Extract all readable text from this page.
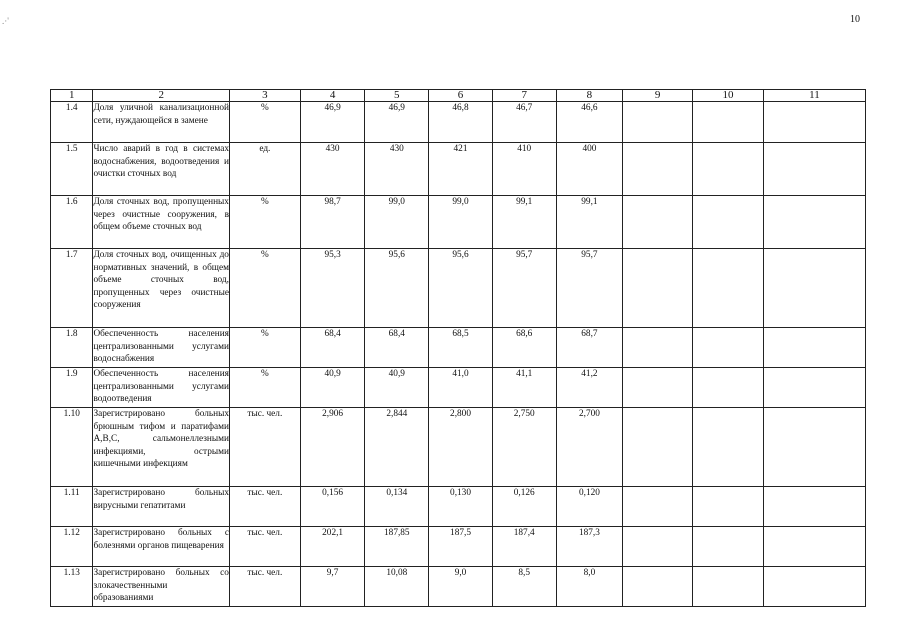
.·'	10
1	2	3	4	5	6	7	8	9	10	11
1.4	Доля уличной канализационной сети, нуждающейся в замене	%	46,9	46,9	46,8	46,7	46,6			
1.5	Число аварий в год в системах водоснабжения, водоотведения и очистки сточных вод	ед.	430	430	421	410	400			
1.6	Доля сточных вод, пропущенных через очистные сооружения, в общем объеме сточных вод	%	98,7	99,0	99,0	99,1	99,1			
1.7	Доля сточных вод, очищенных до нормативных значений, в общем объеме сточных вод, пропущенных через очистные сооружения	%	95,3	95,6	95,6	95,7	95,7			
1.8	Обеспеченность населения централизованными услугами водоснабжения	%	68,4	68,4	68,5	68,6	68,7			
1.9	Обеспеченность населения централизованными услугами водоотведения	%	40,9	40,9	41,0	41,1	41,2			
1.10	Зарегистрировано больных брюшным тифом и паратифами А,В,С, сальмонеллезными инфекциями, острыми кишечными инфекциям	тыс. чел.	2,906	2,844	2,800	2,750	2,700			
1.11	Зарегистрировано больных вирусными гепатитами	тыс. чел.	0,156	0,134	0,130	0,126	0,120			
1.12	Зарегистрировано больных с болезнями органов пищеварения	тыс. чел.	202,1	187,85	187,5	187,4	187,3			
1.13	Зарегистрировано больных со злокачественными образованиями	тыс. чел.	9,7	10,08	9,0	8,5	8,0			
